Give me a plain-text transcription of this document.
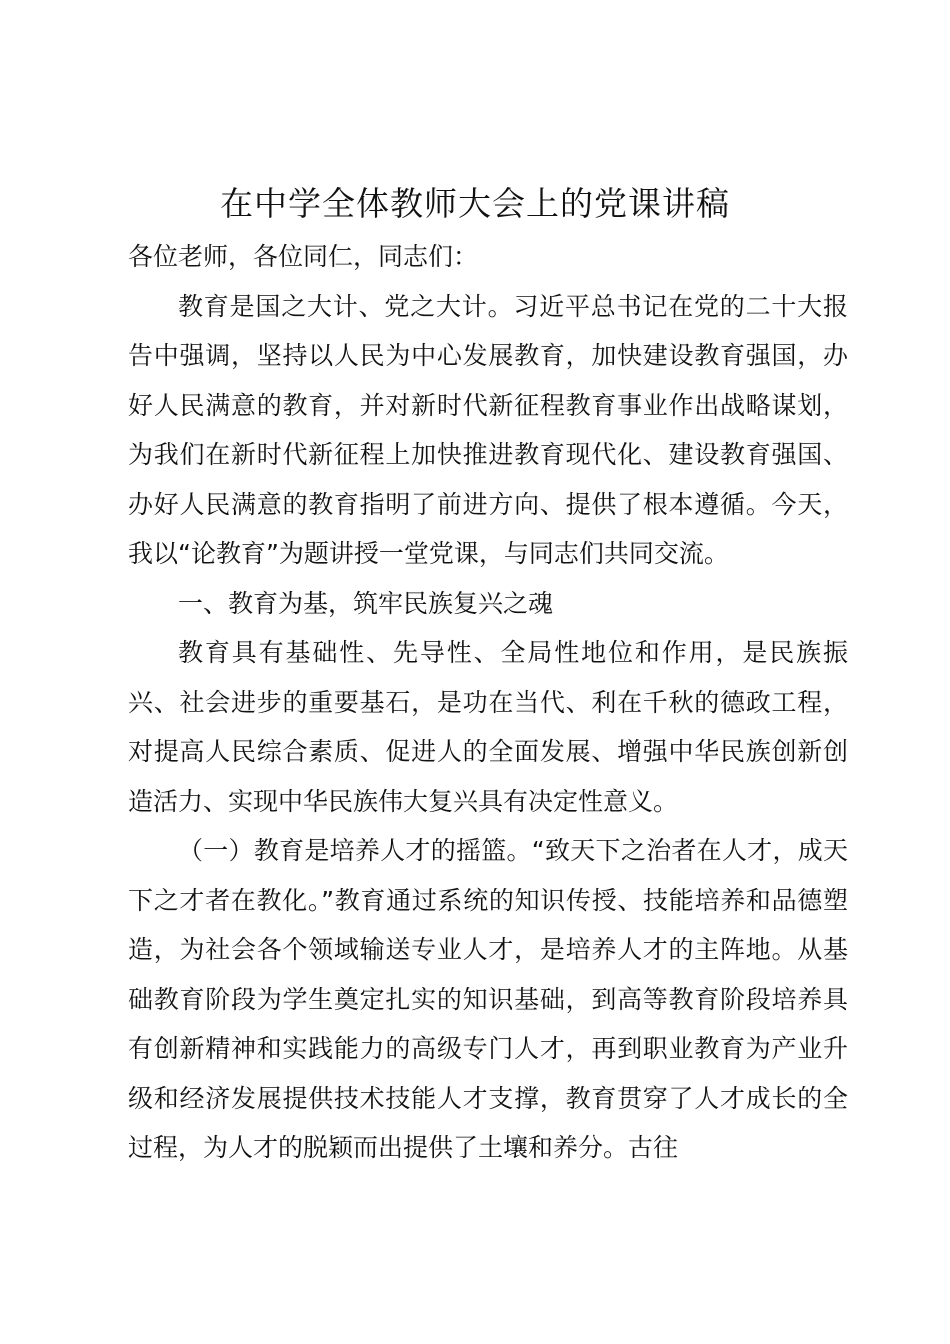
在中学全体教师大会上的党课讲稿

各位老师，各位同仁，同志们：

教育是国之大计、党之大计。习近平总书记在党的二十大报告中强调，坚持以人民为中心发展教育，加快建设教育强国，办好人民满意的教育，并对新时代新征程教育事业作出战略谋划，为我们在新时代新征程上加快推进教育现代化、建设教育强国、办好人民满意的教育指明了前进方向、提供了根本遵循。今天，我以“论教育”为题讲授一堂党课，与同志们共同交流。

一、教育为基，筑牢民族复兴之魂

教育具有基础性、先导性、全局性地位和作用，是民族振兴、社会进步的重要基石，是功在当代、利在千秋的德政工程，对提高人民综合素质、促进人的全面发展、增强中华民族创新创造活力、实现中华民族伟大复兴具有决定性意义。

（一）教育是培养人才的摇篮。“致天下之治者在人才，成天下之才者在教化。”教育通过系统的知识传授、技能培养和品德塑造，为社会各个领域输送专业人才，是培养人才的主阵地。从基础教育阶段为学生奠定扎实的知识基础，到高等教育阶段培养具有创新精神和实践能力的高级专门人才，再到职业教育为产业升级和经济发展提供技术技能人才支撑，教育贯穿了人才成长的全过程，为人才的脱颖而出提供了土壤和养分。古往
